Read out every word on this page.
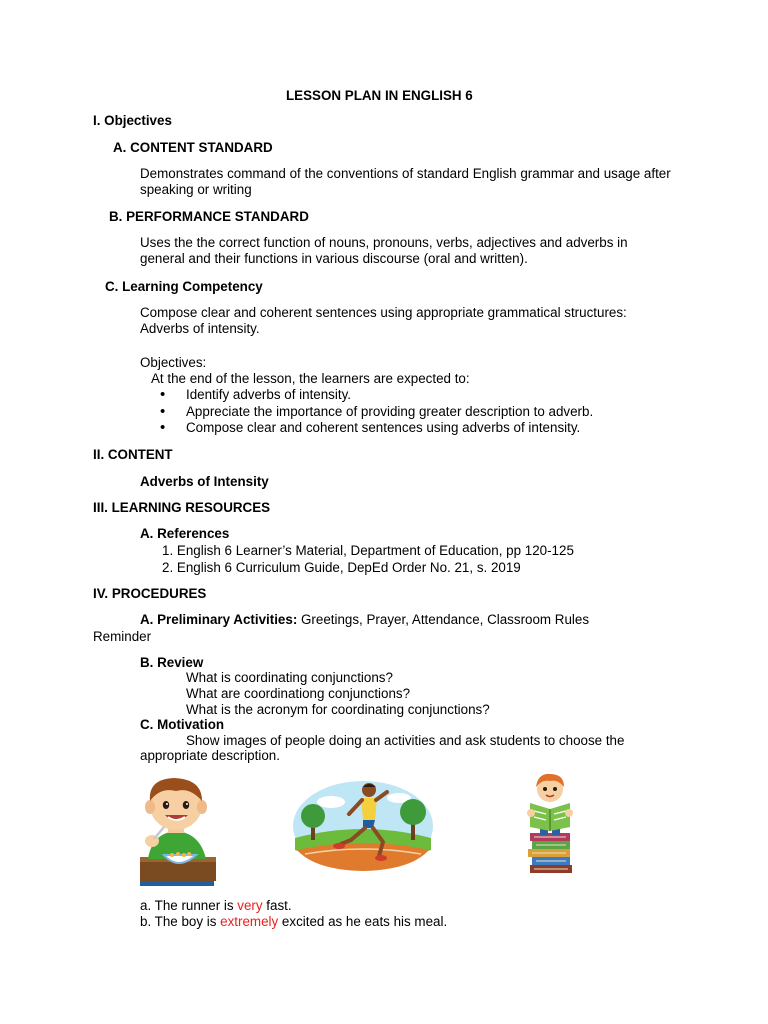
LESSON PLAN IN ENGLISH 6
I. Objectives
A. CONTENT STANDARD
Demonstrates command of the conventions of standard English grammar and usage after speaking or writing
B. PERFORMANCE STANDARD
Uses the the correct function of nouns, pronouns, verbs, adjectives and adverbs in general and their functions in various discourse (oral and written).
C. Learning Competency
Compose clear and coherent sentences using appropriate grammatical structures: Adverbs of intensity.
Objectives:
At the end of the lesson, the learners are expected to:
• Identify adverbs of intensity.
• Appreciate the importance of providing greater description to adverb.
• Compose clear and coherent sentences using adverbs of intensity.
II. CONTENT
Adverbs of Intensity
III. LEARNING RESOURCES
A. References
1. English 6 Learner’s Material, Department of Education, pp 120-125
2. English 6 Curriculum Guide, DepEd Order No. 21, s. 2019
IV. PROCEDURES
A. Preliminary Activities: Greetings, Prayer, Attendance, Classroom Rules
Reminder
B. Review
What is coordinating conjunctions?
What are coordinationg conjunctions?
What is the acronym for coordinating conjunctions?
C. Motivation
Show images of people doing an activities and ask students to choose the
appropriate description.
a. The runner is very fast.
b. The boy is extremely excited as he eats his meal.
